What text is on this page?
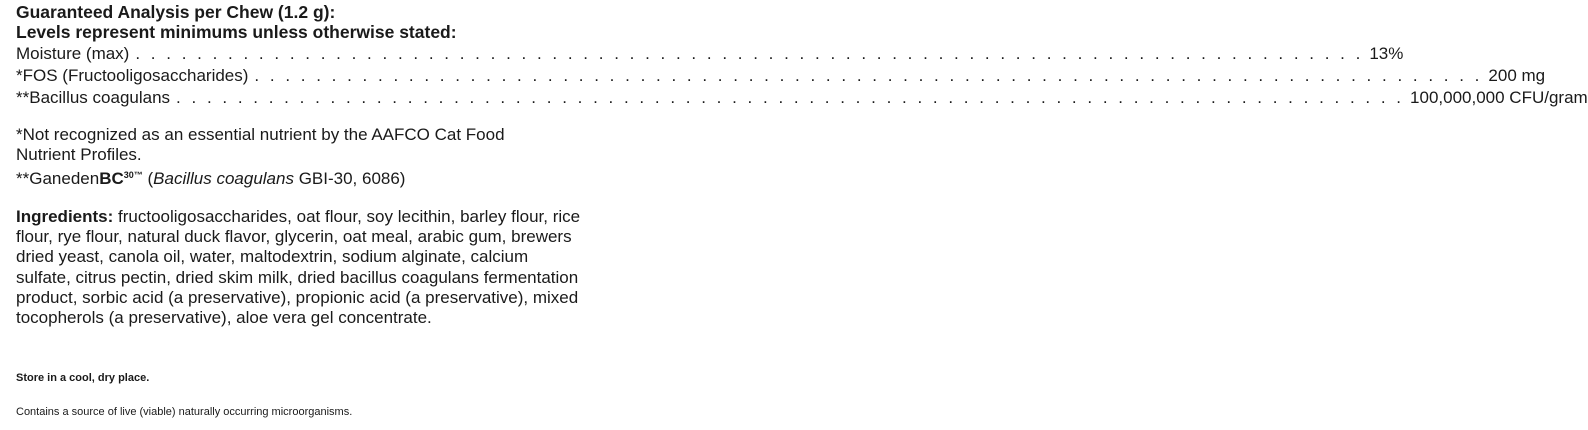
Guaranteed Analysis per Chew (1.2 g):
Levels represent minimums unless otherwise stated:
Moisture (max) . . . . . . . . . . . . . . . . . . . . . . . . . . . . . . . . . . . . . . . . . . . . . . . . . . . . . . . . . . . . . . . . . . . . . . . . . . . . . . . . 13%
*FOS (Fructooligosaccharides) . . . . . . . . . . . . . . . . . . . . . . . . . . . . . . . . . . . . . . . . . . . . . . . . . . . . . . . . . . . . . . . . . . . . . . . . . . . . . . . . 200 mg
**Bacillus coagulans . . . . . . . . . . . . . . . . . . . . . . . . . . . . . . . . . . . . . . . . . . . . . . . . . . . . . . . . . . . . . . . . . . . . . . . . . . . . . . . . 100,000,000 CFU/gram
*Not recognized as an essential nutrient by the AAFCO Cat Food
Nutrient Profiles.
**GanedenBC$^{30™}$ (Bacillus coagulans GBI-30, 6086)
Ingredients: fructooligosaccharides, oat flour, soy lecithin, barley flour, rice flour, rye flour, natural duck flavor, glycerin, oat meal, arabic gum, brewers dried yeast, canola oil, water, maltodextrin, sodium alginate, calcium sulfate, citrus pectin, dried skim milk, dried bacillus coagulans fermentation product, sorbic acid (a preservative), propionic acid (a preservative), mixed tocopherols (a preservative), aloe vera gel concentrate.
Store in a cool, dry place.
Contains a source of live (viable) naturally occurring microorganisms.
